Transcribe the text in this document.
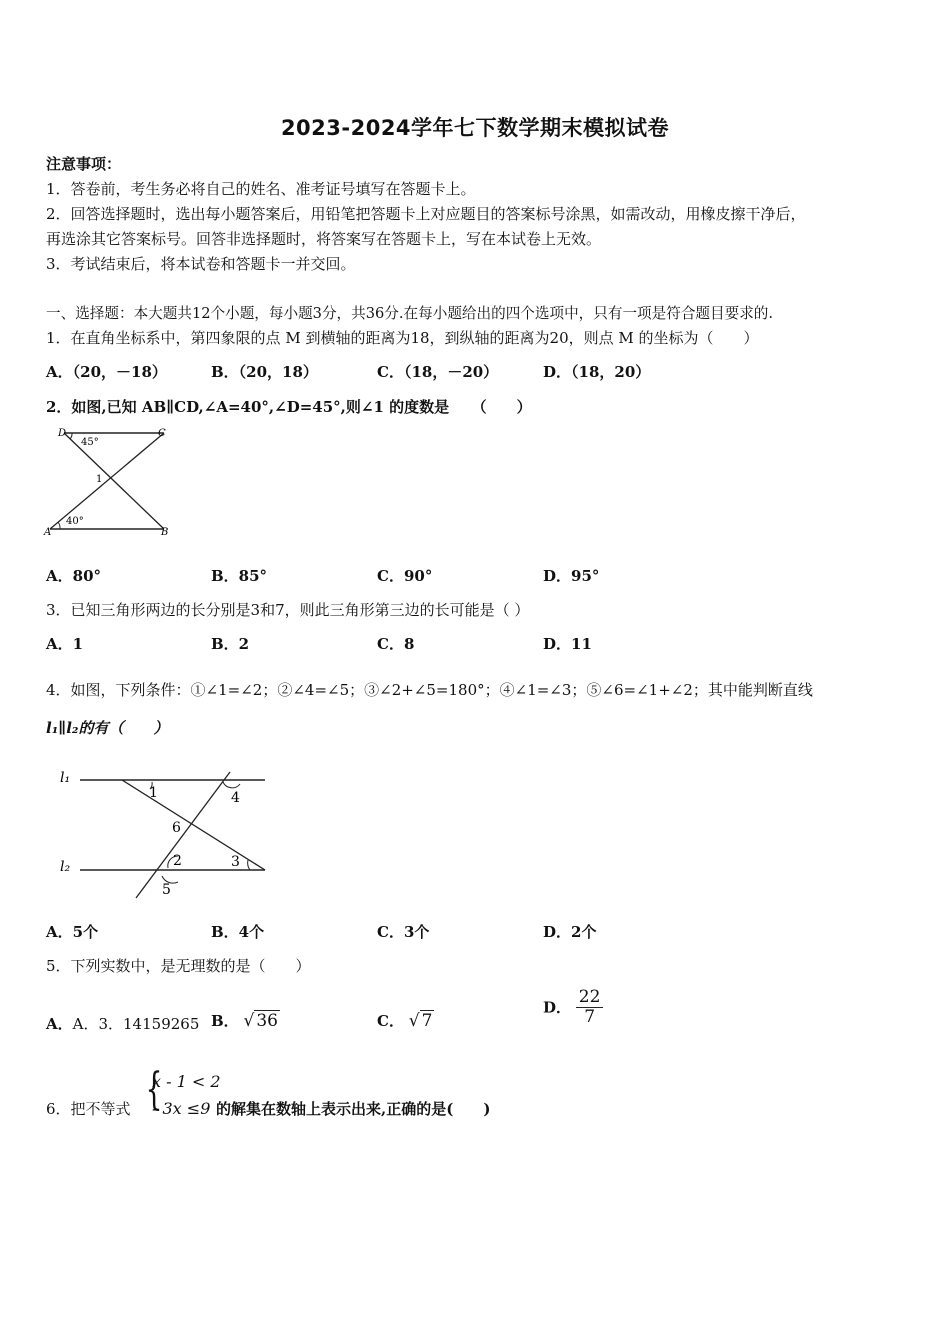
2023-2024学年七下数学期末模拟试卷
注意事项：
1．答卷前，考生务必将自己的姓名、准考证号填写在答题卡上。
2．回答选择题时，选出每小题答案后，用铅笔把答题卡上对应题目的答案标号涂黑，如需改动，用橡皮擦干净后，
再选涂其它答案标号。回答非选择题时，将答案写在答题卡上，写在本试卷上无效。
3．考试结束后，将本试卷和答题卡一并交回。
一、选择题：本大题共12个小题，每小题3分，共36分.在每小题给出的四个选项中，只有一项是符合题目要求的.
1．在直角坐标系中，第四象限的点 M 到横轴的距离为18，到纵轴的距离为20，则点 M 的坐标为（　　）
A．（20，－18）	B．（20，18）	C．（18，－20）	D．（18，20）
2．如图,已知 AB∥CD,∠A=40°,∠D=45°,则∠1 的度数是　　（　　）
D	C
A	B
45°
40°
1
A．80°	B．85°	C．90°	D．95°
3．已知三角形两边的长分别是3和7，则此三角形第三边的长可能是（ ）
A．1	B．2	C．8	D．11
4．如图，下列条件：①∠1=∠2；②∠4=∠5；③∠2+∠5=180°；④∠1=∠3；⑤∠6=∠1+∠2；其中能判断直线
l₁∥l₂的有（　　）
l₁
l₂
1
2	3
4
5
6
A．5个	B．4个	C．3个	D．2个
5．下列实数中，是无理数的是（　　）
A．A．3．14159265 B． √ 36	C． √ 7
D． $\frac{22}{7}$
6．把不等式 {
x - 1 < 2
- 3x ≤9 的解集在数轴上表示出来,正确的是(　　)
